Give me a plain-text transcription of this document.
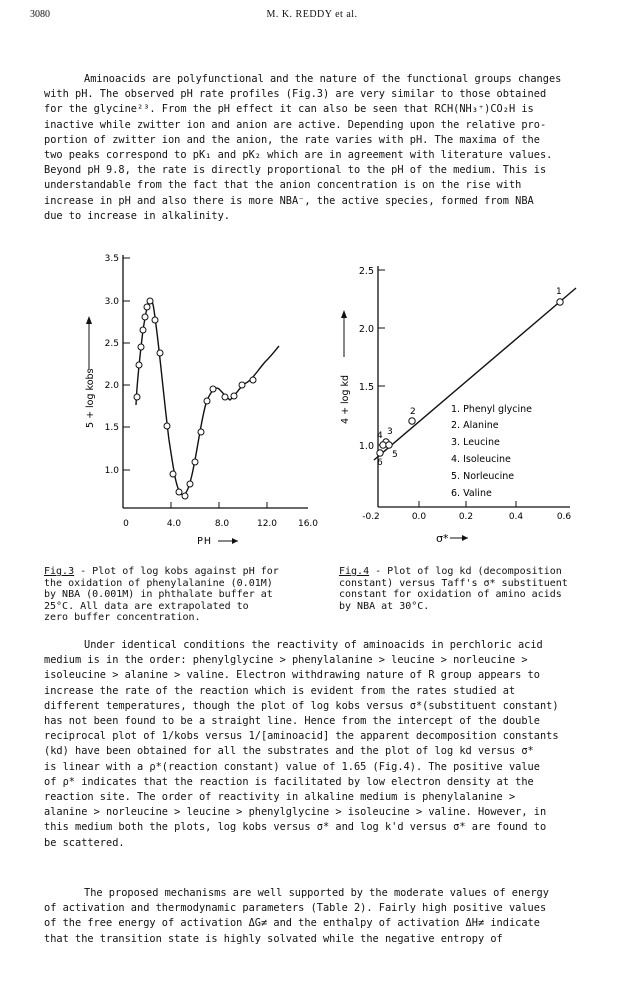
3080	M. K. REDDY et al.

Aminoacids are polyfunctional and the nature of the functional groups changes

with pH. The observed pH rate profiles (Fig.3) are very similar to those obtained

for the glycine²³. From the pH effect it can also be seen that RCH(NH₃⁺)CO₂H is

inactive while zwitter ion and anion are active. Depending upon the relative pro-

portion of zwitter ion and the anion, the rate varies with pH. The maxima of the

two peaks correspond to pK₁ and pK₂ which are in agreement with literature values.

Beyond pH 9.8, the rate is directly proportional to the pH of the medium. This is

understandable from the fact that the anion concentration is on the rise with

increase in pH and also there is more NBA⁻, the active species, formed from NBA

due to increase in alkalinity.

3.5
3.0
2.5
2.0
1.5
1.0
0	4.0	8.0	12.0 16.0
PH
5 + log kobs
2.5
2.0
1.5
1.0
-0.2	0.0	0.2	0.4	0.6
σ*
4 + log kd
1
2
3
4
5
6
1. Phenyl glycine
2. Alanine
3. Leucine
4. Isoleucine
5. Norleucine
6. Valine

Fig.3 - Plot of log kobs against pH for

the oxidation of phenylalanine (0.01M)

by NBA (0.001M) in phthalate buffer at

25°C. All data are extrapolated to

zero buffer concentration.

Fig.4 - Plot of log kd (decomposition

constant) versus Taff's σ* substituent

constant for oxidation of amino acids

by NBA at 30°C.

Under identical conditions the reactivity of aminoacids in perchloric acid

medium is in the order: phenylglycine > phenylalanine > leucine > norleucine >

isoleucine > alanine > valine. Electron withdrawing nature of R group appears to

increase the rate of the reaction which is evident from the rates studied at

different temperatures, though the plot of log kobs versus σ*(substituent constant)

has not been found to be a straight line. Hence from the intercept of the double

reciprocal plot of 1/kobs versus 1/[aminoacid] the apparent decomposition constants

(kd) have been obtained for all the substrates and the plot of log kd versus σ*

is linear with a ρ*(reaction constant) value of 1.65 (Fig.4). The positive value

of ρ* indicates that the reaction is facilitated by low electron density at the

reaction site. The order of reactivity in alkaline medium is phenylalanine >

alanine > norleucine > leucine > phenylglycine > isoleucine > valine. However, in

this medium both the plots, log kobs versus σ* and log k'd versus σ* are found to

be scattered.

The proposed mechanisms are well supported by the moderate values of energy

of activation and thermodynamic parameters (Table 2). Fairly high positive values

of the free energy of activation ΔG≠ and the enthalpy of activation ΔH≠ indicate

that the transition state is highly solvated while the negative entropy of
